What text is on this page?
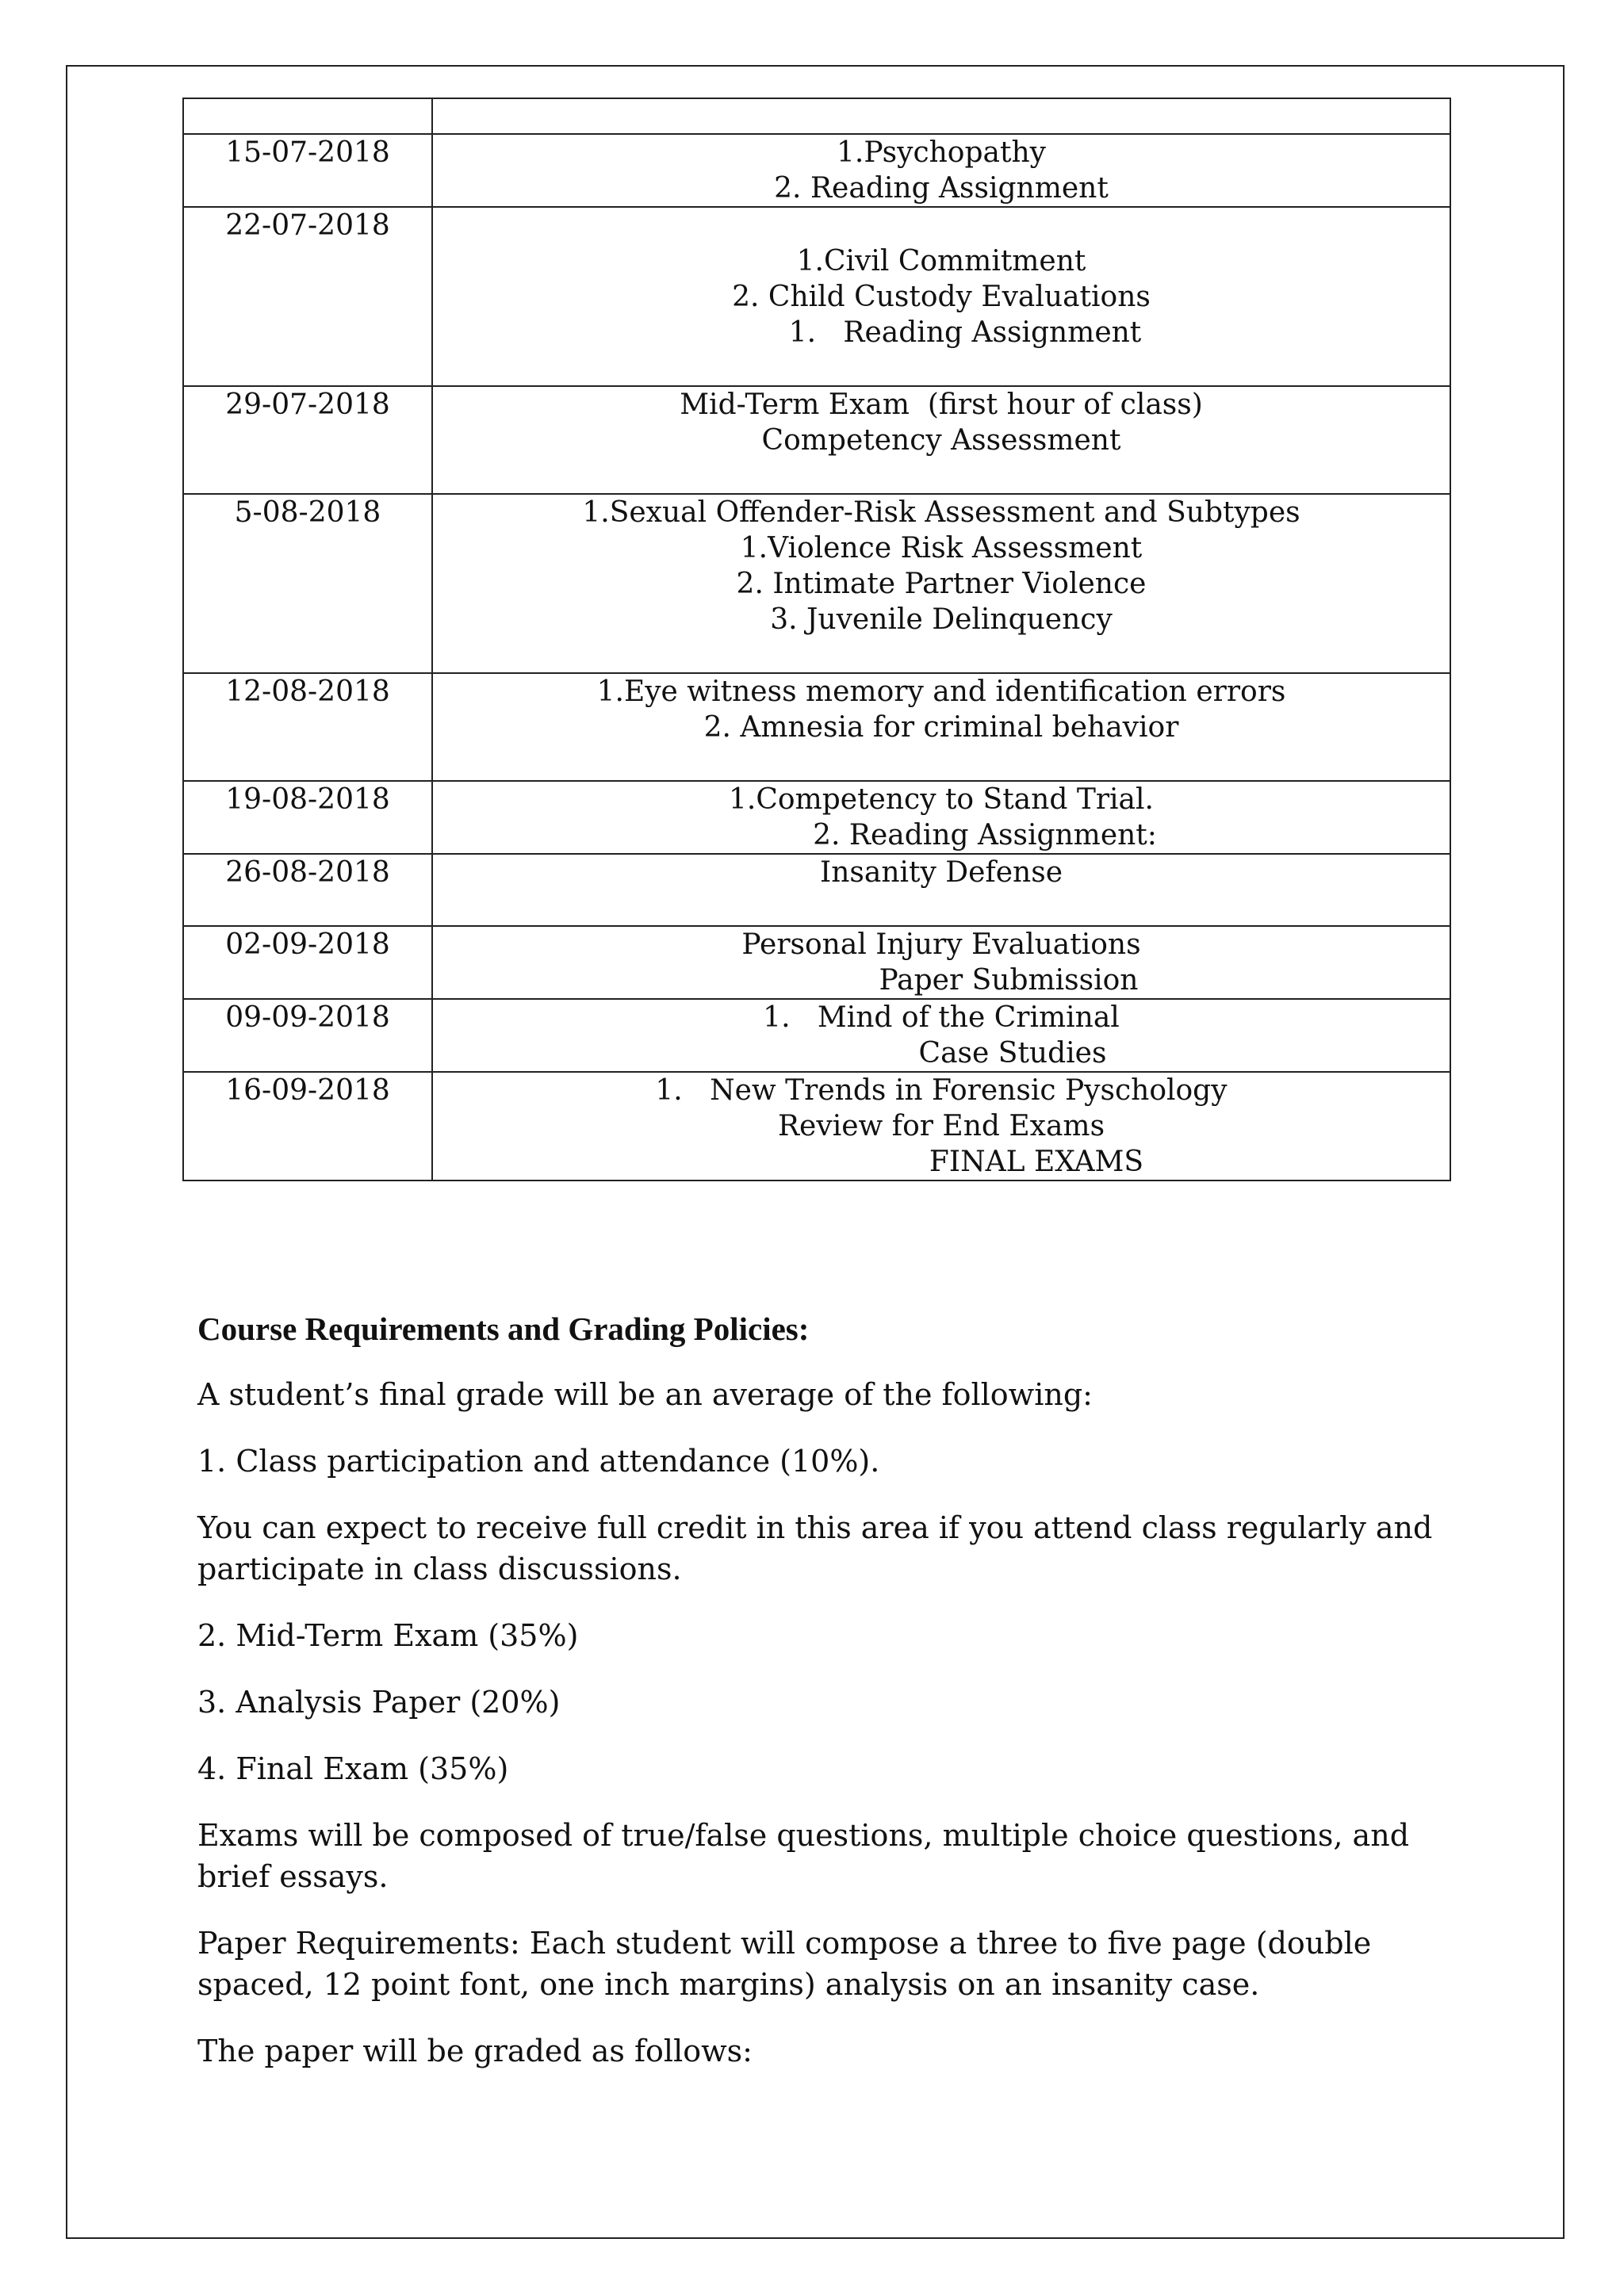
15-07-2018	1.Psychopathy
2. Reading Assignment

22-07-2018	1.Civil Commitment
2. Child Custody Evaluations
1.   Reading Assignment

29-07-2018	Mid-Term Exam  (first hour of class)
Competency Assessment

5-08-2018	1.Sexual Offender-Risk Assessment and Subtypes
1.Violence Risk Assessment
2. Intimate Partner Violence
3. Juvenile Delinquency

12-08-2018	1.Eye witness memory and identification errors
2. Amnesia for criminal behavior

19-08-2018	1.Competency to Stand Trial.
2. Reading Assignment:

26-08-2018	Insanity Defense

02-09-2018	Personal Injury Evaluations
Paper Submission

09-09-2018	1.   Mind of the Criminal
Case Studies

16-09-2018	1.   New Trends in Forensic Pyschology
Review for End Exams
FINAL EXAMS

Course Requirements and Grading Policies:

A student’s final grade will be an average of the following:

1. Class participation and attendance (10%).

You can expect to receive full credit in this area if you attend class regularly and participate in class discussions.

2. Mid-Term Exam (35%)

3. Analysis Paper (20%)

4. Final Exam (35%)

Exams will be composed of true/false questions, multiple choice questions, and brief essays.

Paper Requirements: Each student will compose a three to five page (double spaced, 12 point font, one inch margins) analysis on an insanity case.

The paper will be graded as follows:
